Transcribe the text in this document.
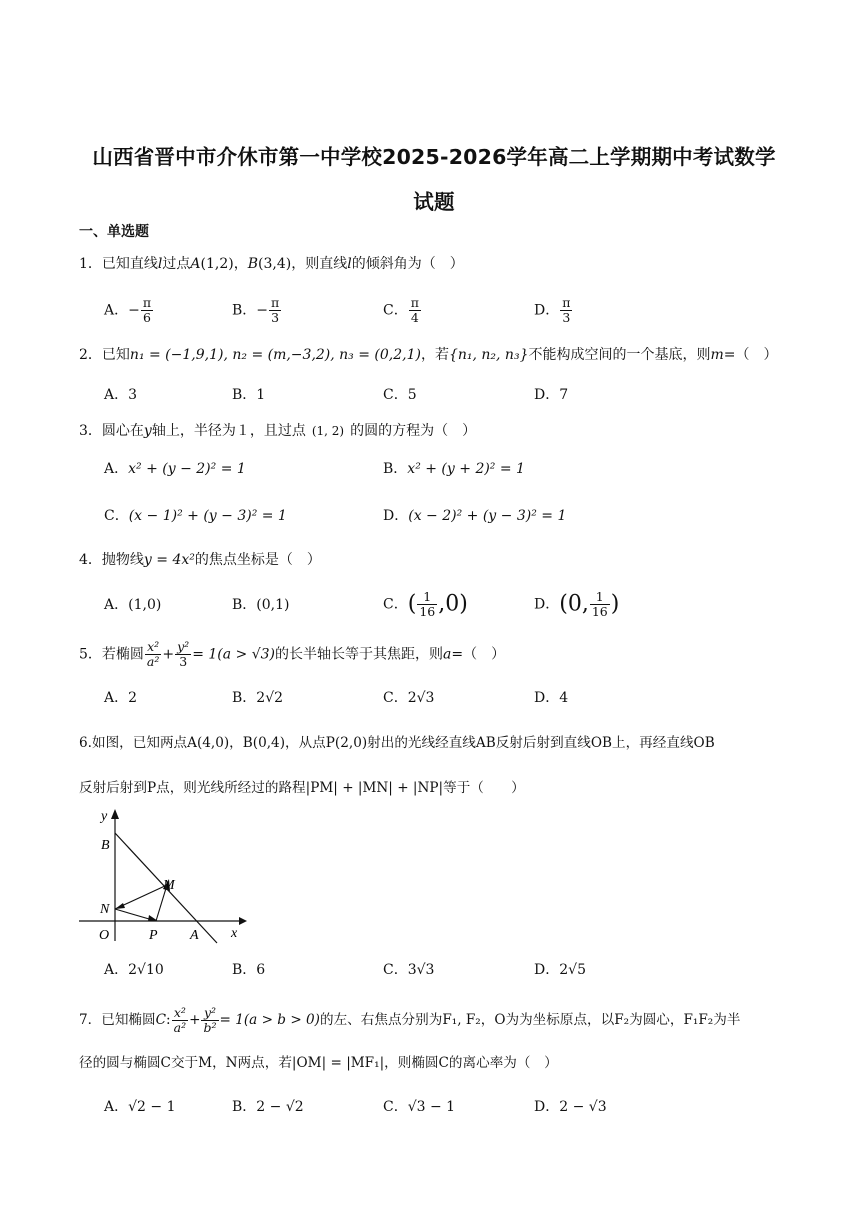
山西省晋中市介休市第一中学校2025-2026学年高二上学期期中考试数学
试题
一、单选题
1．已知直线l过点A(1,2)，B(3,4)，则直线l的倾斜角为（　）
A．− $\frac{\pi}{6}$	B．− $\frac{\pi}{3}$	C． $\frac{\pi}{4}$	D． $\frac{\pi}{3}$
2．已知n₁ = (−1,9,1), n₂ = (m,−3,2), n₃ = (0,2,1)，若{n₁, n₂, n₃}不能构成空间的一个基底，则m=（　）
A．3	B．1	C．5	D．7
3．圆心在y轴上，半径为１，且过点 (1, 2) 的圆的方程为（　）
A．x² + (y − 2)² = 1	B．x² + (y + 2)² = 1
C．(x − 1)² + (y − 3)² = 1	D．(x − 2)² + (y − 3)² = 1
4．抛物线y = 4x²的焦点坐标是（　）
A．(1,0)	B．(0,1)	C．( $\frac{1}{16} ,0$)	D．(0, $\frac{1}{16}$ )
5．若椭圆 $\frac{\text{x²}}{\text{a²}} + \frac{\text{y²}}{3} = 1(a > √3)$的长半轴长等于其焦距，则a=（　）
A．2	B．2√2	C．2√3	D．4
6.如图，已知两点A(4,0)，B(0,4)，从点P(2,0)射出的光线经直线AB反射后射到直线OB上，再经直线OB
反射后射到P点，则光线所经过的路程|PM| + |MN| + |NP|等于（　　）
y
x
B
M
N
O	P A
A．2√10	B．6	C．3√3	D．2√5
7．已知椭圆C: $\frac{\text{x²}}{\text{a²}} + \frac{\text{y²}}{\text{b²}} = 1(a > b > 0)$的左、右焦点分别为F₁, F₂，O为为坐标原点，以F₂为圆心，F₁F₂为半
径的圆与椭圆C交于M，N两点，若|OM| = |MF₁|，则椭圆C的离心率为（　）
A．√2 − 1	B．2 − √2	C．√3 − 1	D．2 − √3
